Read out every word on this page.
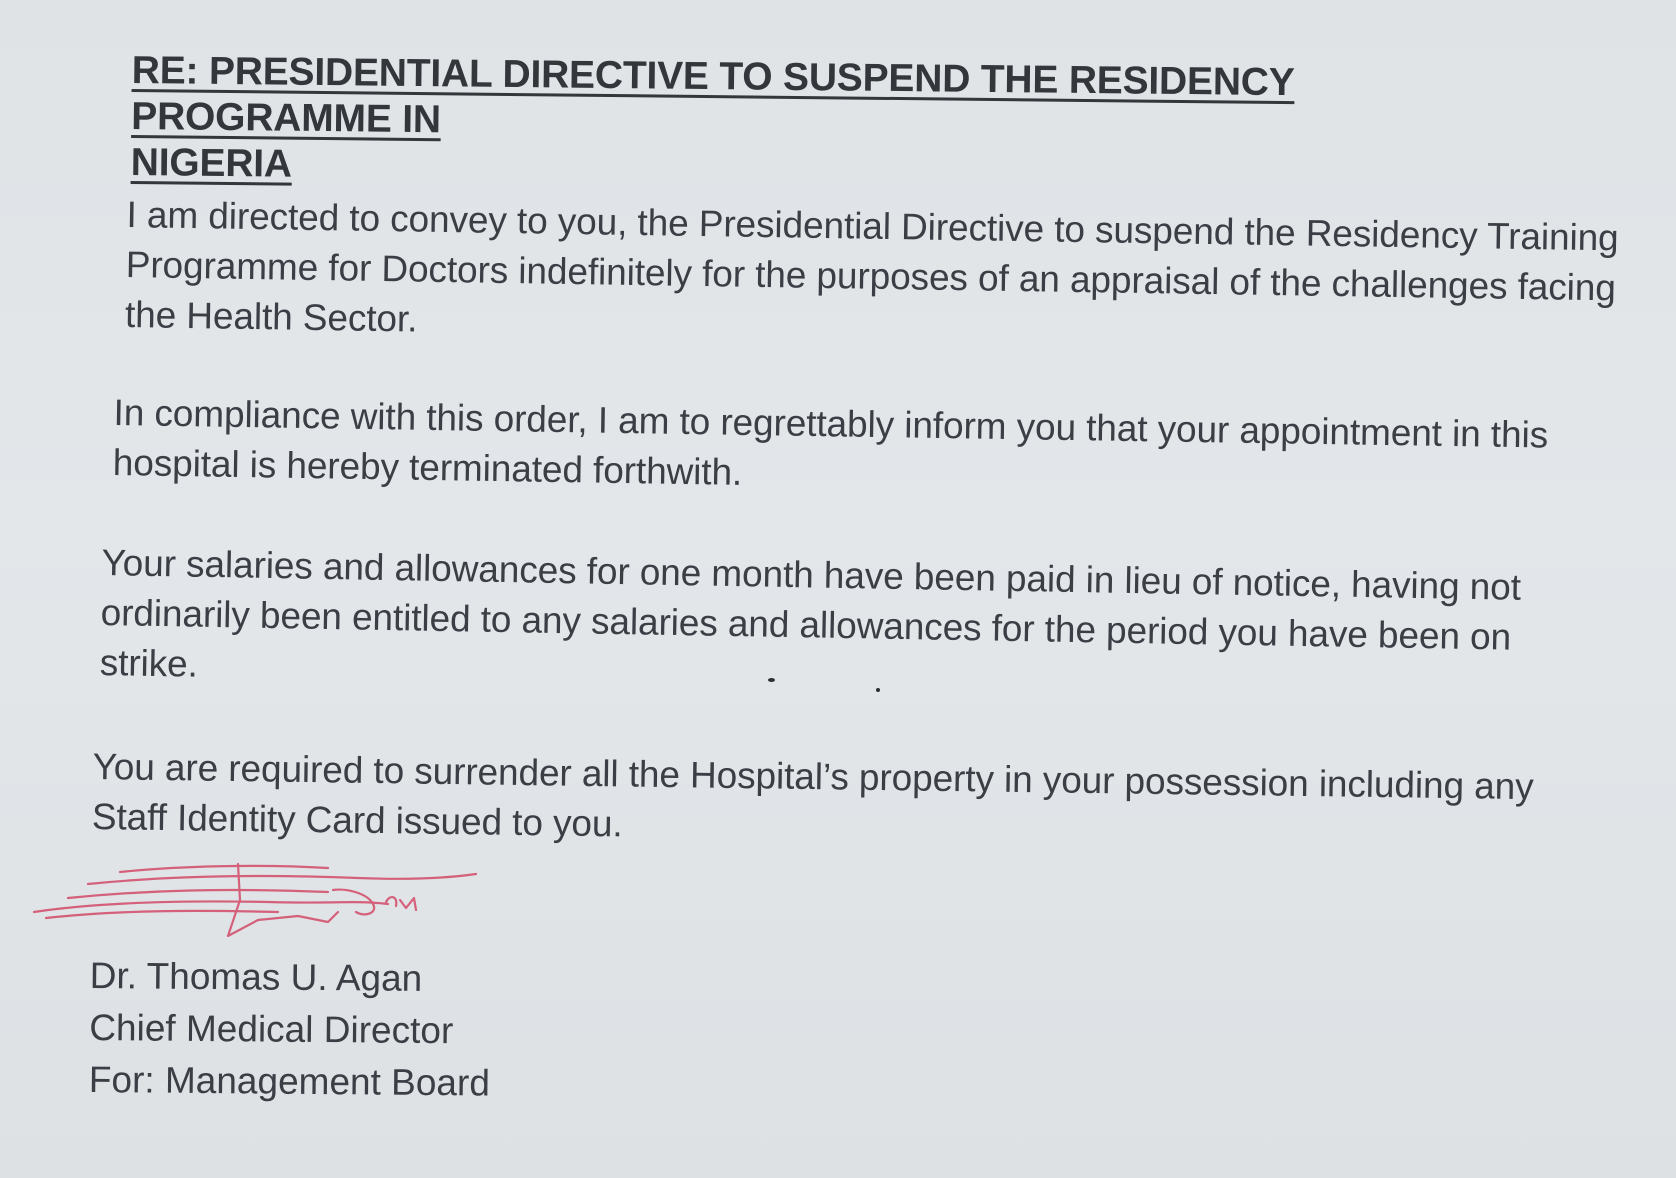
RE: PRESIDENTIAL DIRECTIVE TO SUSPEND THE RESIDENCY PROGRAMME IN
NIGERIA
I am directed to convey to you, the Presidential Directive to suspend the Residency Training Programme for Doctors indefinitely for the purposes of an appraisal of the challenges facing the Health Sector.
In compliance with this order, I am to regrettably inform you that your appointment in this hospital is hereby terminated forthwith.
Your salaries and allowances for one month have been paid in lieu of notice, having not ordinarily been entitled to any salaries and allowances for the period you have been on strike.
You are required to surrender all the Hospital’s property in your possession including any Staff Identity Card issued to you.
Dr. Thomas U. Agan
Chief Medical Director
For: Management Board
